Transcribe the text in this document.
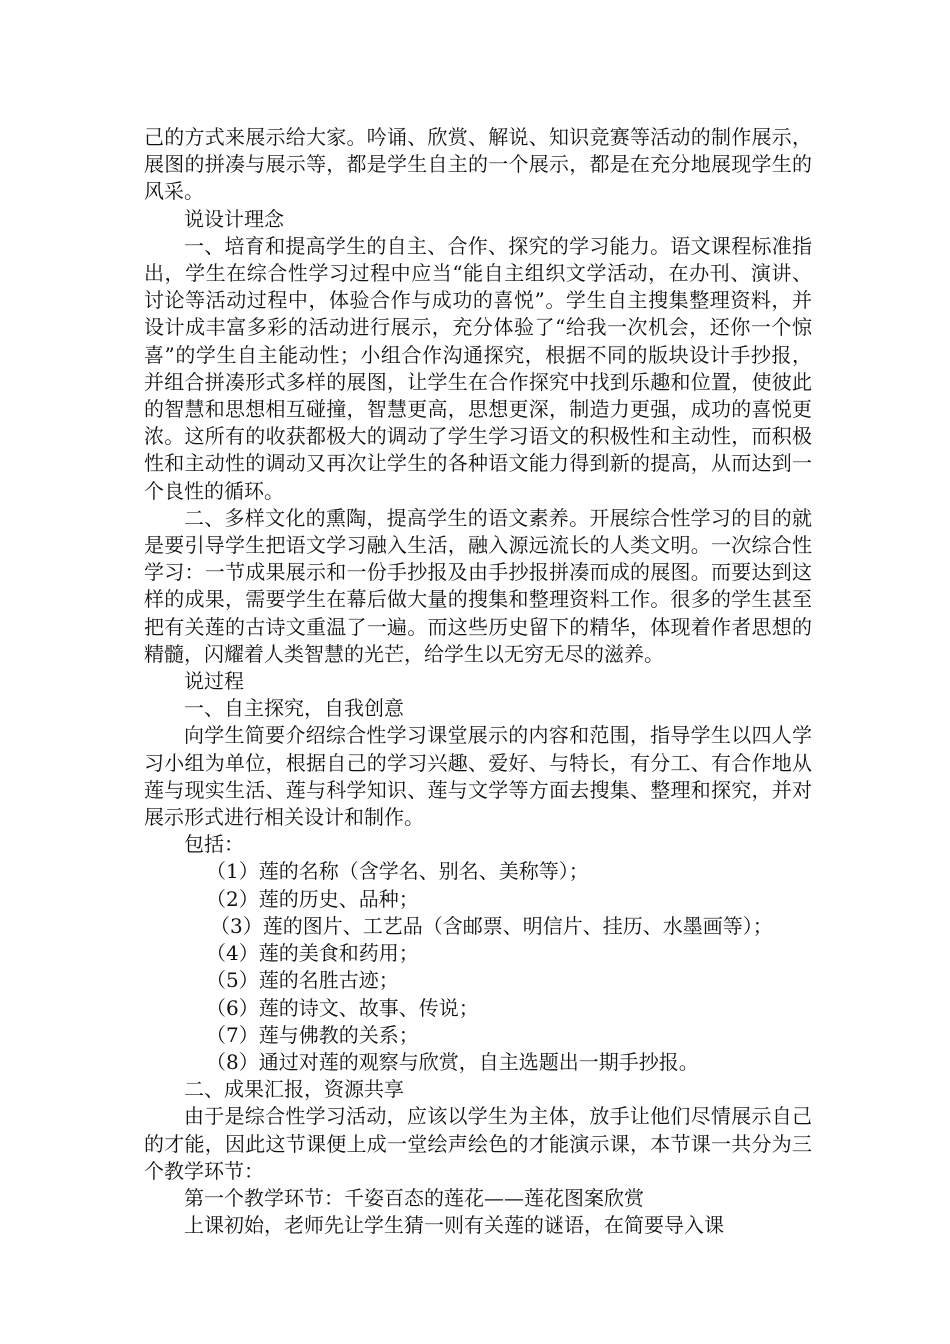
己的方式来展示给大家。吟诵、欣赏、解说、知识竞赛等活动的制作展示，展图的拼凑与展示等，都是学生自主的一个展示，都是在充分地展现学生的风采。

说设计理念

一、培育和提高学生的自主、合作、探究的学习能力。语文课程标准指出，学生在综合性学习过程中应当“能自主组织文学活动，在办刊、演讲、讨论等活动过程中，体验合作与成功的喜悦”。学生自主搜集整理资料，并设计成丰富多彩的活动进行展示，充分体验了“给我一次机会，还你一个惊喜”的学生自主能动性；小组合作沟通探究，根据不同的版块设计手抄报，并组合拼凑形式多样的展图，让学生在合作探究中找到乐趣和位置，使彼此的智慧和思想相互碰撞，智慧更高，思想更深，制造力更强，成功的喜悦更浓。这所有的收获都极大的调动了学生学习语文的积极性和主动性，而积极性和主动性的调动又再次让学生的各种语文能力得到新的提高，从而达到一个良性的循环。

二、多样文化的熏陶，提高学生的语文素养。开展综合性学习的目的就是要引导学生把语文学习融入生活，融入源远流长的人类文明。一次综合性学习：一节成果展示和一份手抄报及由手抄报拼凑而成的展图。而要达到这样的成果，需要学生在幕后做大量的搜集和整理资料工作。很多的学生甚至把有关莲的古诗文重温了一遍。而这些历史留下的精华，体现着作者思想的精髓，闪耀着人类智慧的光芒，给学生以无穷无尽的滋养。

说过程

一、自主探究，自我创意

向学生简要介绍综合性学习课堂展示的内容和范围，指导学生以四人学习小组为单位，根据自己的学习兴趣、爱好、与特长，有分工、有合作地从莲与现实生活、莲与科学知识、莲与文学等方面去搜集、整理和探究，并对展示形式进行相关设计和制作。

包括：

（1）莲的名称（含学名、别名、美称等）；

（2）莲的历史、品种；

（3）莲的图片、工艺品（含邮票、明信片、挂历、水墨画等）；

（4）莲的美食和药用；

（5）莲的名胜古迹；

（6）莲的诗文、故事、传说；

（7）莲与佛教的关系；

（8）通过对莲的观察与欣赏，自主选题出一期手抄报。

二、成果汇报，资源共享

由于是综合性学习活动，应该以学生为主体，放手让他们尽情展示自己的才能，因此这节课便上成一堂绘声绘色的才能演示课，本节课一共分为三个教学环节：

第一个教学环节：千姿百态的莲花——莲花图案欣赏

上课初始，老师先让学生猜一则有关莲的谜语，在简要导入课
